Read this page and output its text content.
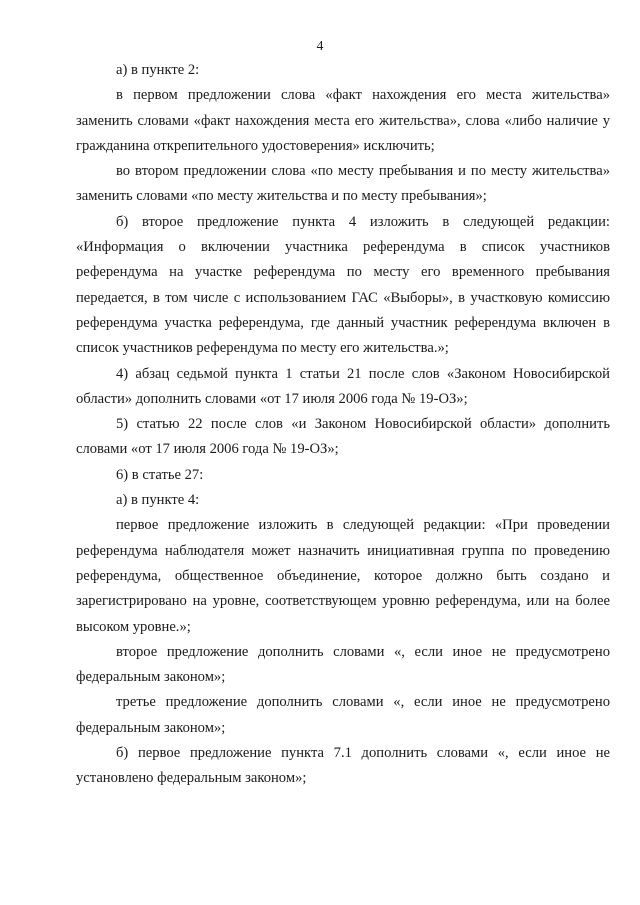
4

а) в пункте 2:

в первом предложении слова «факт нахождения его места жительства» заменить словами «факт нахождения места его жительства», слова «либо наличие у гражданина открепительного удостоверения» исключить;

во втором предложении слова «по месту пребывания и по месту жительства» заменить словами «по месту жительства и по месту пребывания»;

б) второе предложение пункта 4 изложить в следующей редакции: «Информация о включении участника референдума в список участников референдума на участке референдума по месту его временного пребывания передается, в том числе с использованием ГАС «Выборы», в участковую комиссию референдума участка референдума, где данный участник референдума включен в список участников референдума по месту его жительства.»;

4) абзац седьмой пункта 1 статьи 21 после слов «Законом Новосибирской области» дополнить словами «от 17 июля 2006 года № 19-ОЗ»;

5) статью 22 после слов «и Законом Новосибирской области» дополнить словами «от 17 июля 2006 года № 19-ОЗ»;

6) в статье 27:

а) в пункте 4:

первое предложение изложить в следующей редакции: «При проведении референдума наблюдателя может назначить инициативная группа по проведению референдума, общественное объединение, которое должно быть создано и зарегистрировано на уровне, соответствующем уровню референдума, или на более высоком уровне.»;

второе предложение дополнить словами «, если иное не предусмотрено федеральным законом»;

третье предложение дополнить словами «, если иное не предусмотрено федеральным законом»;

б) первое предложение пункта 7.1 дополнить словами «, если иное не установлено федеральным законом»;
